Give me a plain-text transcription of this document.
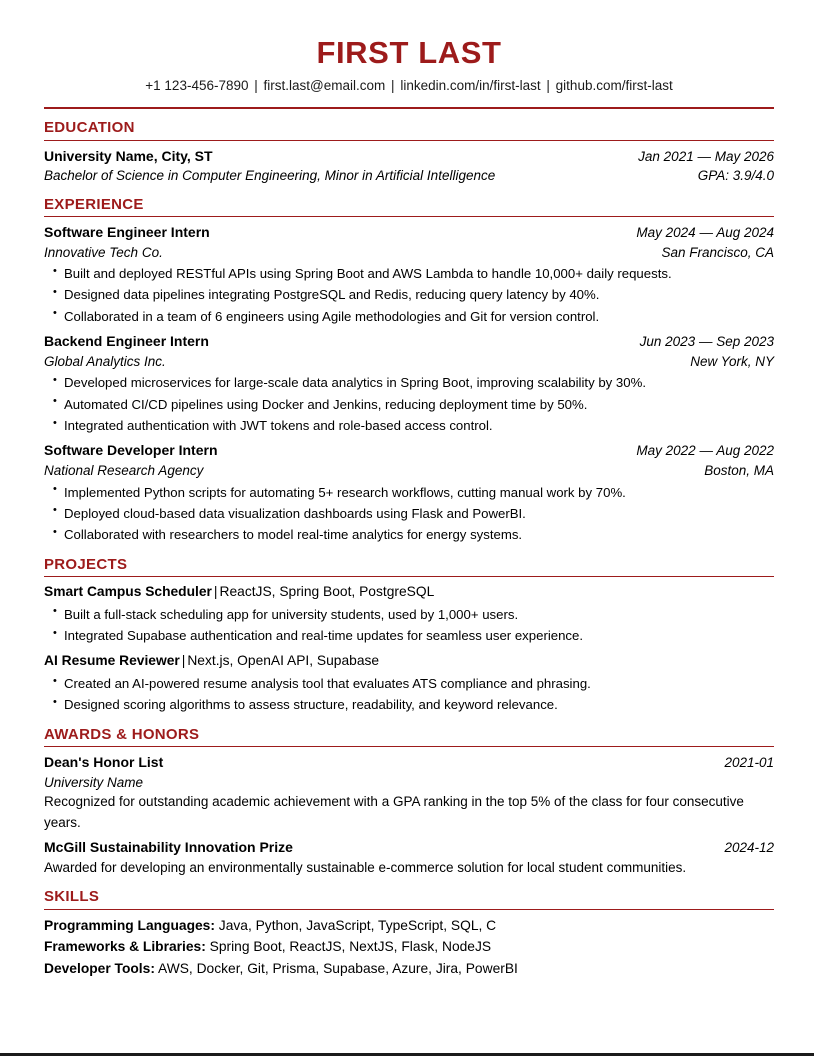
FIRST LAST
+1 123-456-7890 | first.last@email.com | linkedin.com/in/first-last | github.com/first-last
EDUCATION
University Name, City, ST	Jan 2021 — May 2026
Bachelor of Science in Computer Engineering, Minor in Artificial Intelligence	GPA: 3.9/4.0
EXPERIENCE
Software Engineer Intern	May 2024 — Aug 2024
Innovative Tech Co.	San Francisco, CA
• Built and deployed RESTful APIs using Spring Boot and AWS Lambda to handle 10,000+ daily requests.
• Designed data pipelines integrating PostgreSQL and Redis, reducing query latency by 40%.
• Collaborated in a team of 6 engineers using Agile methodologies and Git for version control.
Backend Engineer Intern	Jun 2023 — Sep 2023
Global Analytics Inc.	New York, NY
• Developed microservices for large-scale data analytics in Spring Boot, improving scalability by 30%.
• Automated CI/CD pipelines using Docker and Jenkins, reducing deployment time by 50%.
• Integrated authentication with JWT tokens and role-based access control.
Software Developer Intern	May 2022 — Aug 2022
National Research Agency	Boston, MA
• Implemented Python scripts for automating 5+ research workflows, cutting manual work by 70%.
• Deployed cloud-based data visualization dashboards using Flask and PowerBI.
• Collaborated with researchers to model real-time analytics for energy systems.
PROJECTS
Smart Campus Scheduler | ReactJS, Spring Boot, PostgreSQL
• Built a full-stack scheduling app for university students, used by 1,000+ users.
• Integrated Supabase authentication and real-time updates for seamless user experience.
AI Resume Reviewer | Next.js, OpenAI API, Supabase
• Created an AI-powered resume analysis tool that evaluates ATS compliance and phrasing.
• Designed scoring algorithms to assess structure, readability, and keyword relevance.
AWARDS & HONORS
Dean's Honor List	2021-01
University Name
Recognized for outstanding academic achievement with a GPA ranking in the top 5% of the class for four consecutive years.
McGill Sustainability Innovation Prize	2024-12
Awarded for developing an environmentally sustainable e-commerce solution for local student communities.
SKILLS
Programming Languages: Java, Python, JavaScript, TypeScript, SQL, C
Frameworks & Libraries: Spring Boot, ReactJS, NextJS, Flask, NodeJS
Developer Tools: AWS, Docker, Git, Prisma, Supabase, Azure, Jira, PowerBI
